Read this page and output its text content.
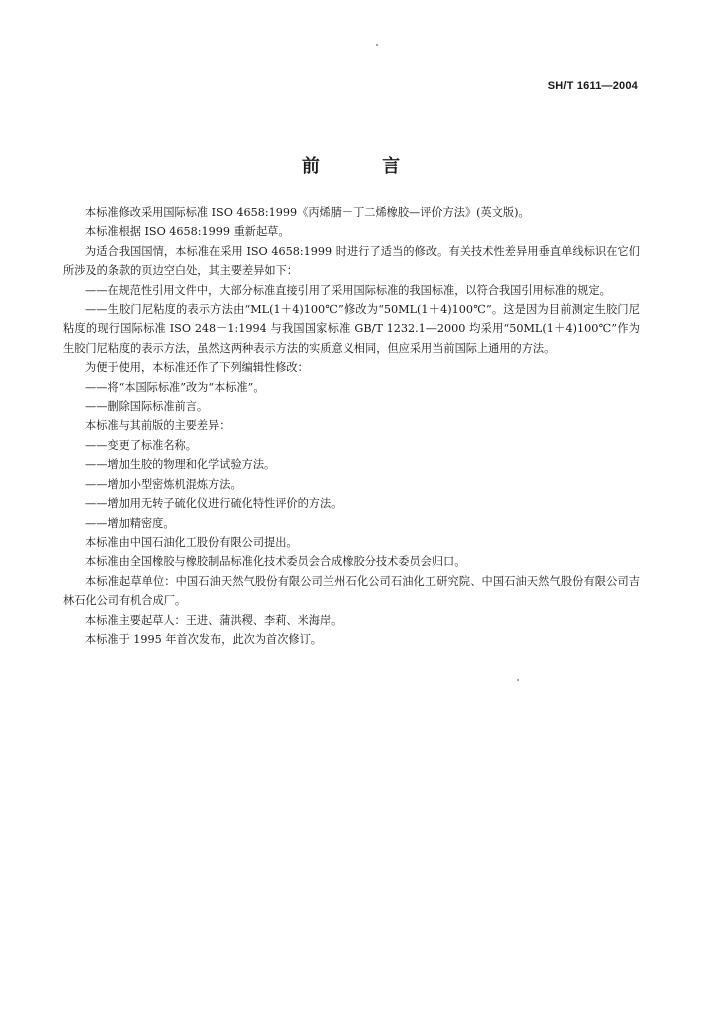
SH/T 1611—2004
前 言

本标准修改采用国际标准 ISO 4658:1999《丙烯腈－丁二烯橡胶—评价方法》(英文版)。

本标准根据 ISO 4658:1999 重新起草。

为适合我国国情，本标准在采用 ISO 4658:1999 时进行了适当的修改。有关技术性差异用垂直单线标识在它们所涉及的条款的页边空白处，其主要差异如下：

——在规范性引用文件中，大部分标准直接引用了采用国际标准的我国标准，以符合我国引用标准的规定。

——生胶门尼粘度的表示方法由“ML(1＋4)100℃”修改为“50ML(1＋4)100℃”。这是因为目前测定生胶门尼粘度的现行国际标准 ISO 248－1:1994 与我国国家标准 GB/T 1232.1—2000 均采用“50ML(1＋4)100℃”作为生胶门尼粘度的表示方法，虽然这两种表示方法的实质意义相同，但应采用当前国际上通用的方法。

为便于使用，本标准还作了下列编辑性修改：

——将“本国际标准”改为“本标准”。

——删除国际标准前言。

本标准与其前版的主要差异：

——变更了标准名称。

——增加生胶的物理和化学试验方法。

——增加小型密炼机混炼方法。

——增加用无转子硫化仪进行硫化特性评价的方法。

——增加精密度。

本标准由中国石油化工股份有限公司提出。

本标准由全国橡胶与橡胶制品标准化技术委员会合成橡胶分技术委员会归口。

本标准起草单位：中国石油天然气股份有限公司兰州石化公司石油化工研究院、中国石油天然气股份有限公司吉林石化公司有机合成厂。

本标准主要起草人：王进、蒲洪稷、李莉、米海岸。

本标准于 1995 年首次发布，此次为首次修订。
